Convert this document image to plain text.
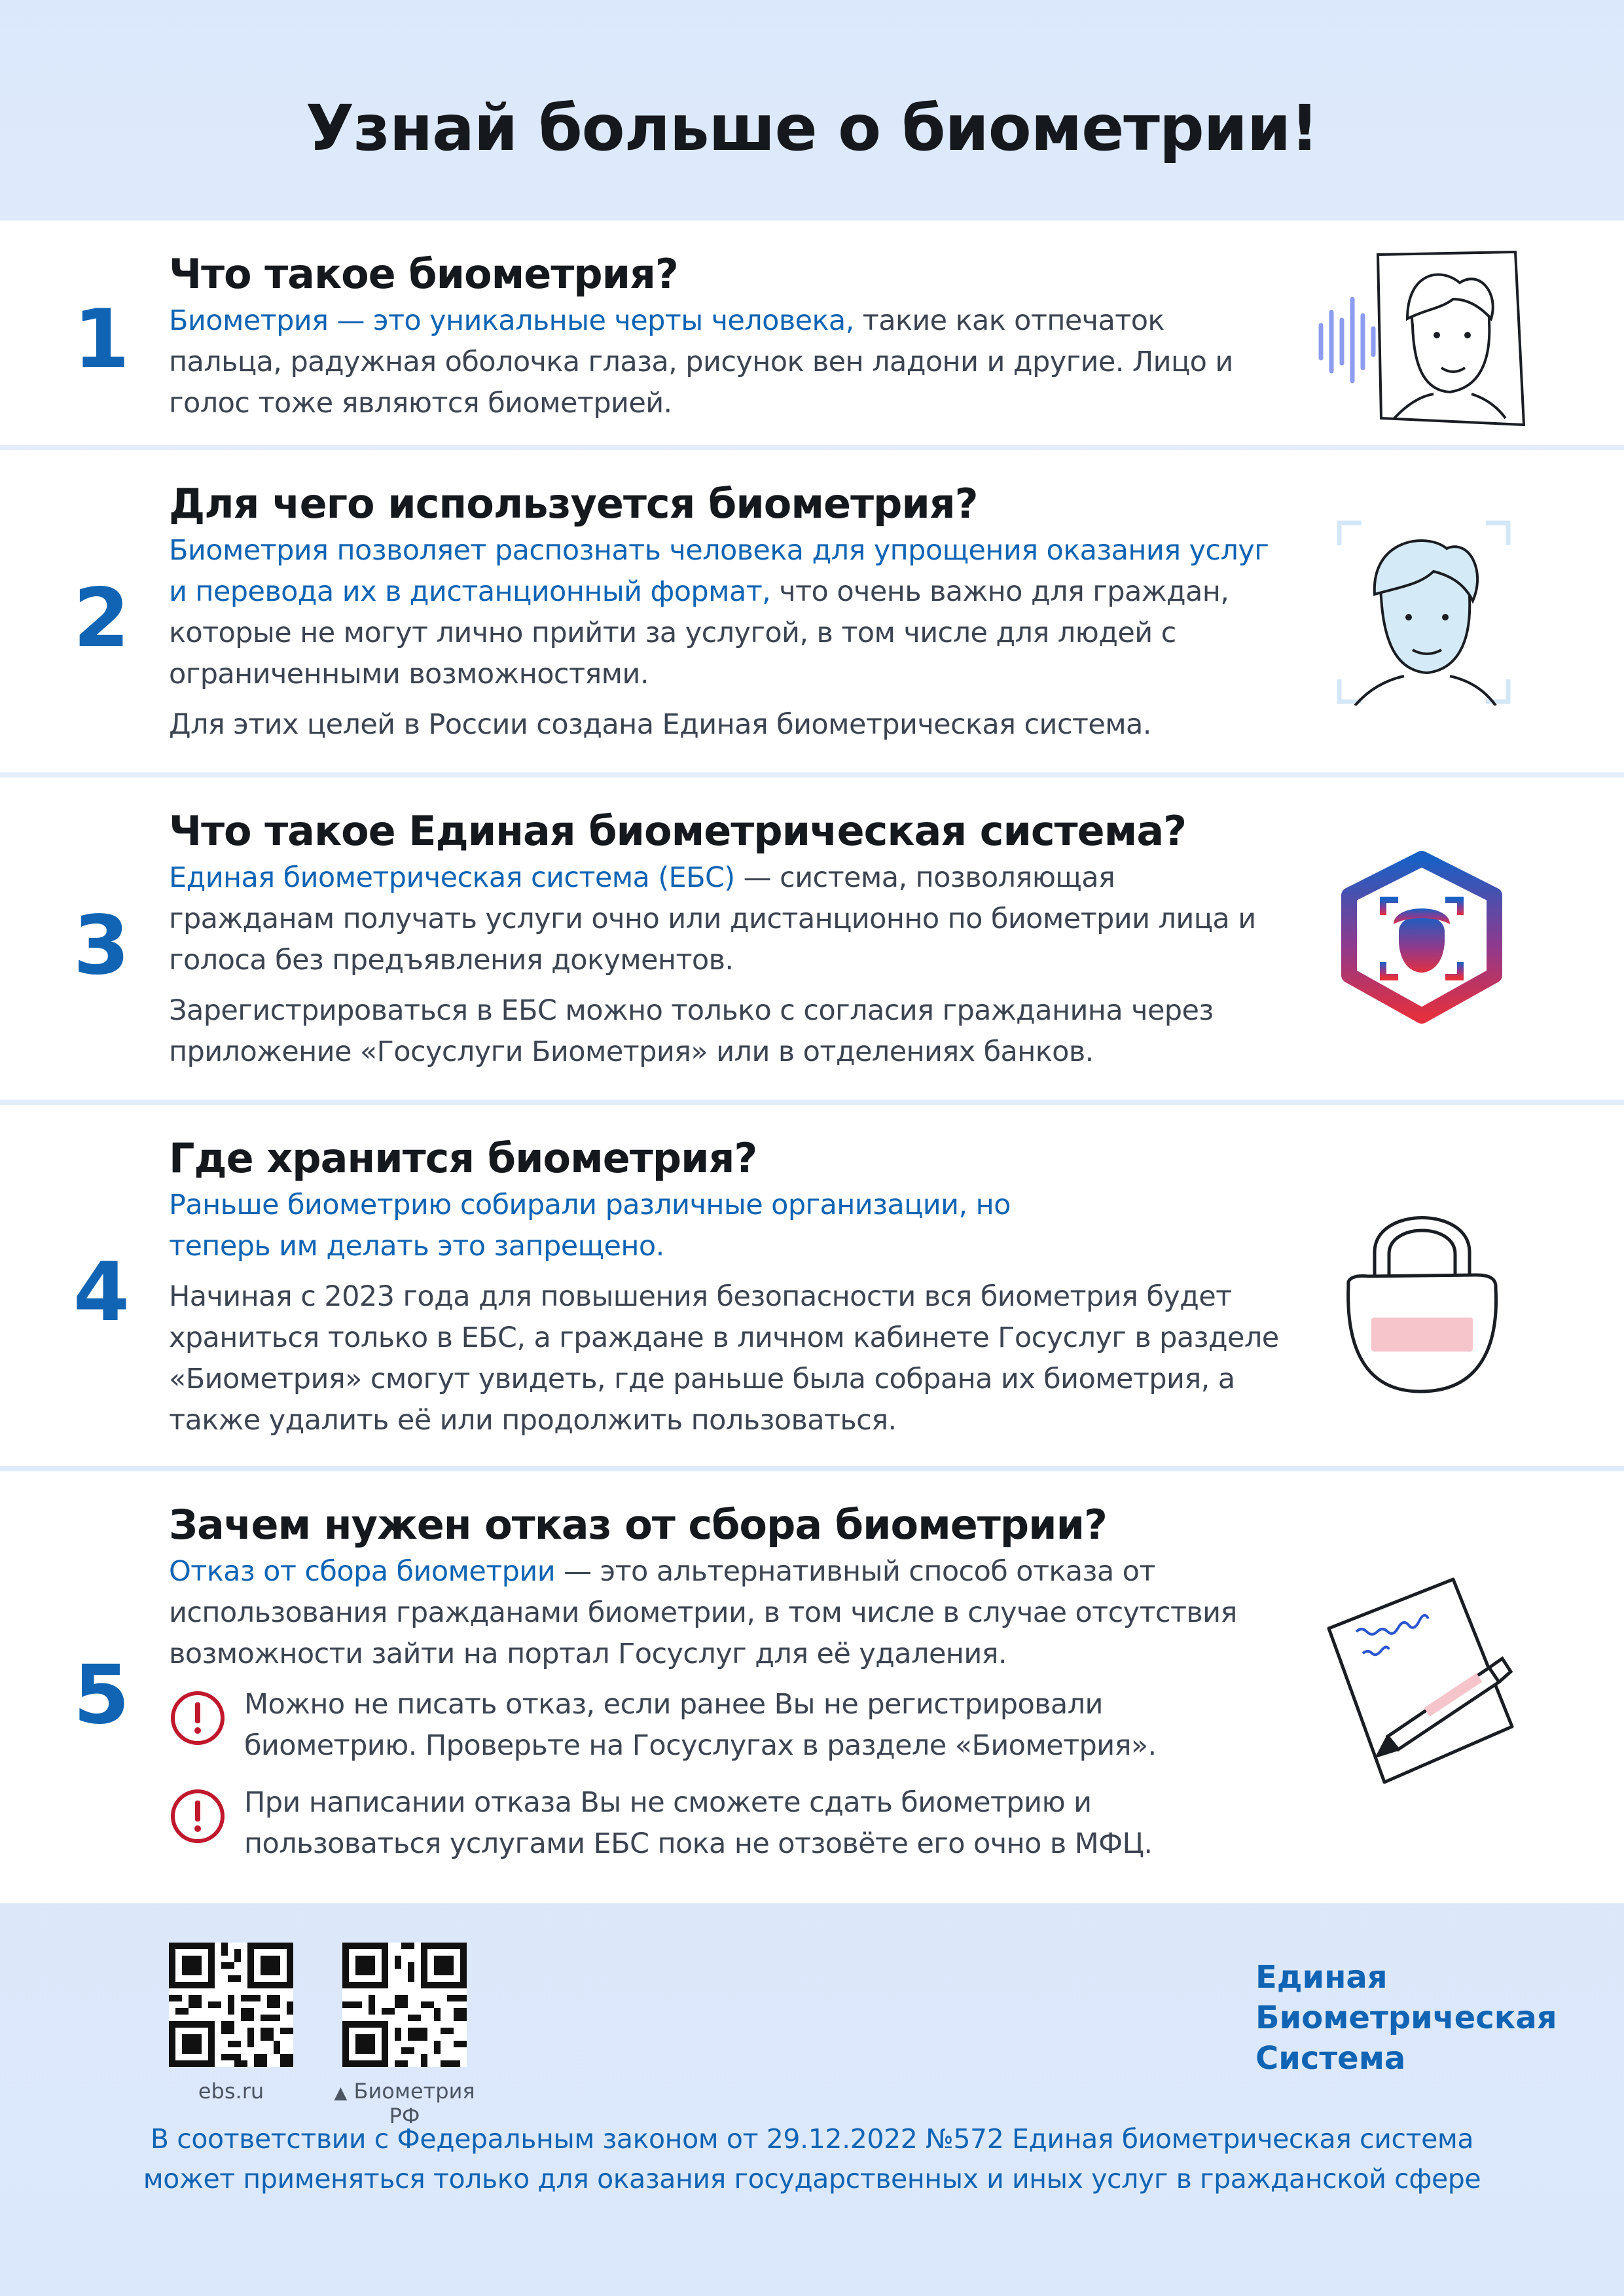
Узнай больше о биометрии!
1
Что такое биометрия?

Биометрия — это уникальные черты человека, такие как отпечаток пальца, радужная оболочка глаза, рисунок вен ладони и другие. Лицо и голос тоже являются биометрией.

2
Для чего используется биометрия?

Биометрия позволяет распознать человека для упрощения оказания услуг и перевода их в дистанционный формат, что очень важно для граждан, которые не могут лично прийти за услугой, в том числе для людей с ограниченными возможностями.

Для этих целей в России создана Единая биометрическая система.

3
Что такое Единая биометрическая система?

Единая биометрическая система (ЕБС) — система, позволяющая гражданам получать услуги очно или дистанционно по биометрии лица и голоса без предъявления документов.

Зарегистрироваться в ЕБС можно только с согласия гражданина через приложение «Госуслуги Биометрия» или в отделениях банков.

4
Где хранится биометрия?

Раньше биометрию собирали различные организации, но теперь им делать это запрещено.

Начиная с 2023 года для повышения безопасности вся биометрия будет храниться только в ЕБС, а граждане в личном кабинете Госуслуг в разделе «Биометрия» смогут увидеть, где раньше была собрана их биометрия, а также удалить её или продолжить пользоваться.

5
Зачем нужен отказ от сбора биометрии?

Отказ от сбора биометрии — это альтернативный способ отказа от использования гражданами биометрии, в том числе в случае отсутствия возможности зайти на портал Госуслуг для её удаления.

Можно не писать отказ, если ранее Вы не регистрировали биометрию. Проверьте на Госуслугах в разделе «Биометрия».

При написании отказа Вы не сможете сдать биометрию и пользоваться услугами ЕБС пока не отзовёте его очно в МФЦ.

ebs.ru	▲ Биометрия РФ
Единая
Биометрическая
Система
В соответствии с Федеральным законом от 29.12.2022 №572 Единая биометрическая система
может применяться только для оказания государственных и иных услуг в гражданской сфере
